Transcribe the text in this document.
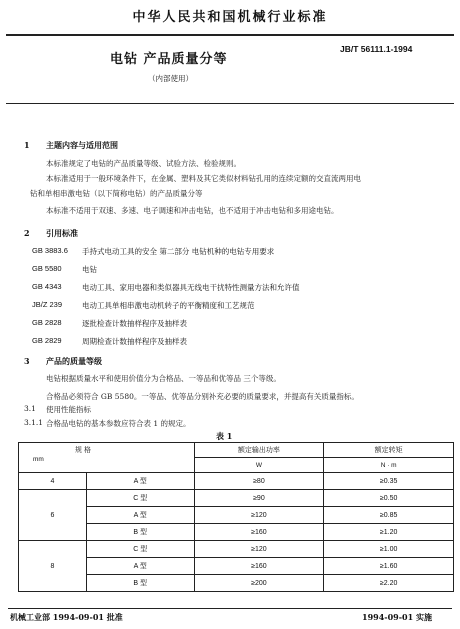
中华人民共和国机械行业标准
电钻 产品质量分等
JB/T 56111.1-1994
（内部使用）
1 主题内容与适用范围
本标准规定了电钻的产品质量等级、试验方法、检验规则。
本标准适用于一般环境条件下，在金属、塑料及其它类似材料钻孔用的连续定额的交直流两用电
钻和单相串激电钻（以下简称电钻）的产品质量分等
本标准不适用于双速、多速、电子调速和冲击电钻，也不适用于冲击电钻和多用途电钻。
2 引用标准
GB 3883.6 手持式电动工具的安全 第二部分 电钻机种的电钻专用要求
GB 5580	电钻
GB 4343	电动工具、家用电器和类似器具无线电干扰特性测量方法和允许值
JB/Z 239	电动工具单相串激电动机转子的平衡精度和工艺规范
GB 2828	逐批检查计数抽样程序及抽样表
GB 2829	周期检查计数抽样程序及抽样表
3 产品的质量等级
电钻根据质量水平和使用价值分为合格品、一等品和优等品 三个等级。
合格品必须符合 GB 5580。一等品、优等品分别补充必要的质量要求，并提高有关质量指标。
3.1 使用性能指标
3.1.1 合格品电钻的基本参数应符合表 1 的规定。
表 1
规 格
mm		额定输出功率	额定转矩
		W	N · m
4	A 型	≥80	≥0.35
6	C 型	≥90	≥0.50
	A 型	≥120	≥0.85
	B 型	≥160	≥1.20
8	C 型	≥120	≥1.00
	A 型	≥160	≥1.60
	B 型	≥200	≥2.20
机械工业部 1994-09-01 批准	1994-09-01 实施
